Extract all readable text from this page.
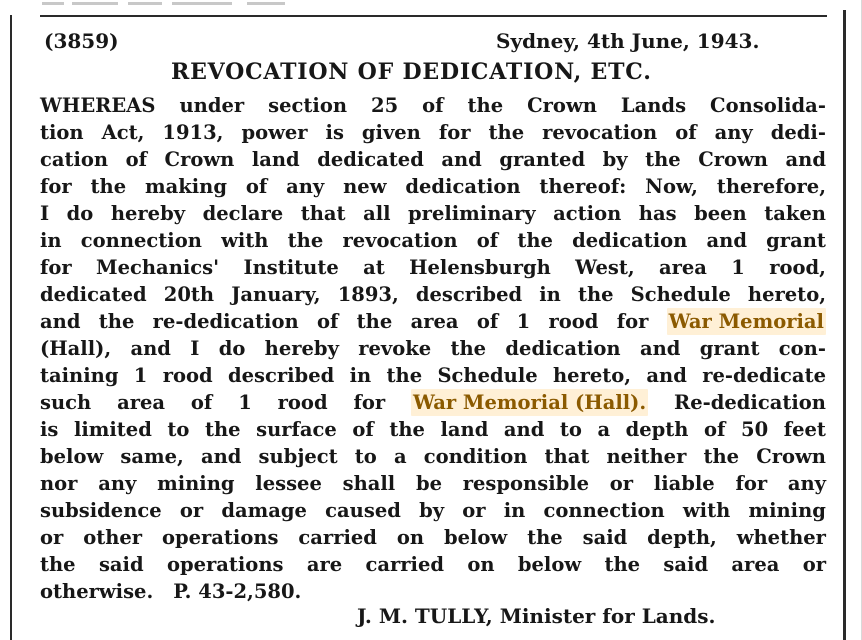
(3859)	Sydney, 4th June, 1943.
REVOCATION OF DEDICATION, ETC.
WHEREAS under section 25 of the Crown Lands Consolida-
tion Act, 1913, power is given for the revocation of any dedi-
cation of Crown land dedicated and granted by the Crown and
for the making of any new dedication thereof: Now, therefore,
I do hereby declare that all preliminary action has been taken
in connection with the revocation of the dedication and grant
for Mechanics' Institute at Helensburgh West, area 1 rood,
dedicated 20th January, 1893, described in the Schedule hereto,
and the re-dedication of the area of 1 rood for War Memorial
(Hall), and I do hereby revoke the dedication and grant con-
taining 1 rood described in the Schedule hereto, and re-dedicate
such area of 1 rood for War Memorial (Hall). Re-dedication
is limited to the surface of the land and to a depth of 50 feet
below same, and subject to a condition that neither the Crown
nor any mining lessee shall be responsible or liable for any
subsidence or damage caused by or in connection with mining
or other operations carried on below the said depth, whether
the said operations are carried on below the said area or
otherwise. P. 43-2,580.
J. M. TULLY, Minister for Lands.
